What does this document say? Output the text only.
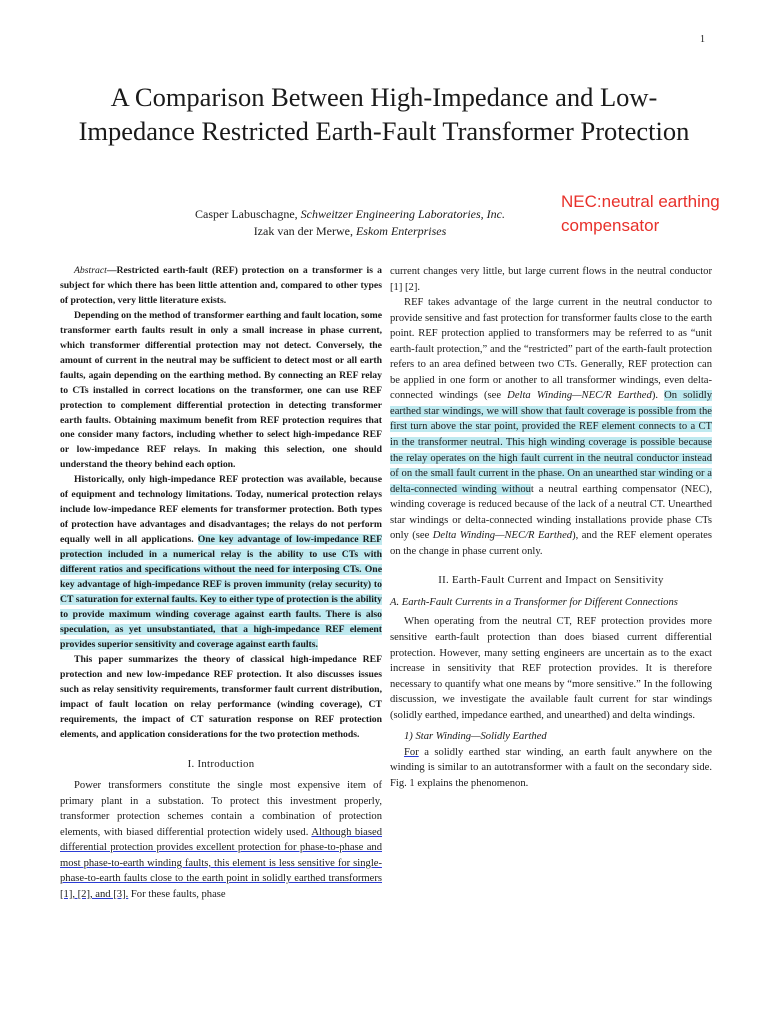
1
A Comparison Between High-Impedance and Low-Impedance Restricted Earth-Fault Transformer Protection
Casper Labuschagne, Schweitzer Engineering Laboratories, Inc.
Izak van der Merwe, Eskom Enterprises
NEC:neutral earthing compensator

Abstract—Restricted earth-fault (REF) protection on a transformer is a subject for which there has been little attention and, compared to other types of protection, very little literature exists.

Depending on the method of transformer earthing and fault location, some transformer earth faults result in only a small increase in phase current, which transformer differential protection may not detect. Conversely, the amount of current in the neutral may be sufficient to detect most or all earth faults, again depending on the earthing method. By connecting an REF relay to CTs installed in correct locations on the transformer, one can use REF protection to complement differential protection in detecting transformer earth faults. Obtaining maximum benefit from REF protection requires that one consider many factors, including whether to select high-impedance REF or low-impedance REF relays. In making this selection, one should understand the theory behind each option.

Historically, only high-impedance REF protection was available, because of equipment and technology limitations. Today, numerical protection relays include low-impedance REF elements for transformer protection. Both types of protection have advantages and disadvantages; the relays do not perform equally well in all applications. One key advantage of low-impedance REF protection included in a numerical relay is the ability to use CTs with different ratios and specifications without the need for interposing CTs. One key advantage of high-impedance REF is proven immunity (relay security) to CT saturation for external faults. Key to either type of protection is the ability to provide maximum winding coverage against earth faults. There is also speculation, as yet unsubstantiated, that a high-impedance REF element provides superior sensitivity and coverage against earth faults.

This paper summarizes the theory of classical high-impedance REF protection and new low-impedance REF protection. It also discusses issues such as relay sensitivity requirements, transformer fault current distribution, impact of fault location on relay performance (winding coverage), CT requirements, the impact of CT saturation response on REF protection elements, and application considerations for the two protection methods.

I. Introduction

Power transformers constitute the single most expensive item of primary plant in a substation. To protect this investment properly, transformer protection schemes contain a combination of protection elements, with biased differential protection widely used. Although biased differential protection provides excellent protection for phase-to-phase and most phase-to-earth winding faults, this element is less sensitive for single-phase-to-earth faults close to the earth point in solidly earthed transformers [1], [2], and [3]. For these faults, phase

current changes very little, but large current flows in the neutral conductor [1] [2].

REF takes advantage of the large current in the neutral conductor to provide sensitive and fast protection for transformer faults close to the earth point. REF protection applied to transformers may be referred to as “unit earth-fault protection,” and the “restricted” part of the earth-fault protection refers to an area defined between two CTs. Generally, REF protection can be applied in one form or another to all transformer windings, even delta-connected windings (see Delta Winding—NEC/R Earthed). On solidly earthed star windings, we will show that fault coverage is possible from the first turn above the star point, provided the REF element connects to a CT in the transformer neutral. This high winding coverage is possible because the relay operates on the high fault current in the neutral conductor instead of on the small fault current in the phase. On an unearthed star winding or a delta-connected winding without a neutral earthing compensator (NEC), winding coverage is reduced because of the lack of a neutral CT. Unearthed star windings or delta-connected winding installations provide phase CTs only (see Delta Winding—NEC/R Earthed), and the REF element operates on the change in phase current only.

II. Earth-Fault Current and Impact on Sensitivity

A. Earth-Fault Currents in a Transformer for Different Connections

When operating from the neutral CT, REF protection provides more sensitive earth-fault protection than does biased current differential protection. However, many setting engineers are uncertain as to the exact increase in sensitivity that REF protection provides. It is therefore necessary to quantify what one means by “more sensitive.” In the following discussion, we investigate the available fault current for star windings (solidly earthed, impedance earthed, and unearthed) and delta windings.

1) Star Winding—Solidly Earthed

For a solidly earthed star winding, an earth fault anywhere on the winding is similar to an autotransformer with a fault on the secondary side. Fig. 1 explains the phenomenon.
